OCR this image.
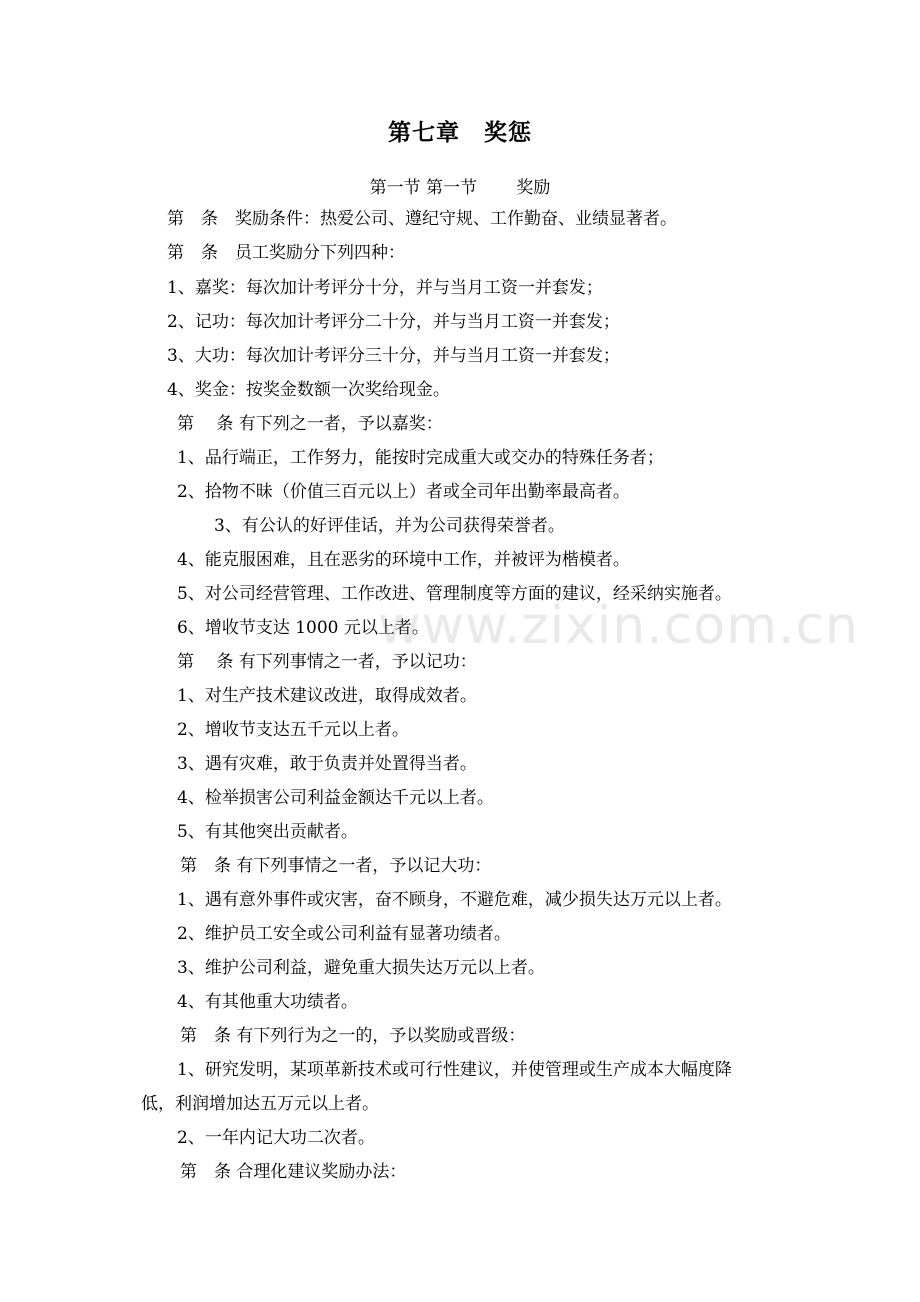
第七章　奖惩
第一节 第一节 　　奖励
第　条　奖励条件：热爱公司、遵纪守规、工作勤奋、业绩显著者。
第　条　员工奖励分下列四种：
1、嘉奖：每次加计考评分十分，并与当月工资一并套发；
2、记功：每次加计考评分二十分，并与当月工资一并套发；
3、大功：每次加计考评分三十分，并与当月工资一并套发；
4、奖金：按奖金数额一次奖给现金。
第　 条 有下列之一者，予以嘉奖：
1、品行端正，工作努力，能按时完成重大或交办的特殊任务者；
2、拾物不昧（价值三百元以上）者或全司年出勤率最高者。
3、有公认的好评佳话，并为公司获得荣誉者。
4、能克服困难，且在恶劣的环境中工作，并被评为楷模者。
5、对公司经营管理、工作改进、管理制度等方面的建议，经采纳实施者。
6、增收节支达 1000 元以上者。
第　 条 有下列事情之一者，予以记功：
1、对生产技术建议改进，取得成效者。
2、增收节支达五千元以上者。
3、遇有灾难，敢于负责并处置得当者。
4、检举损害公司利益金额达千元以上者。
5、有其他突出贡献者。
第　条 有下列事情之一者，予以记大功：
1、遇有意外事件或灾害，奋不顾身，不避危难，减少损失达万元以上者。
2、维护员工安全或公司利益有显著功绩者。
3、维护公司利益，避免重大损失达万元以上者。
4、有其他重大功绩者。
第　条 有下列行为之一的，予以奖励或晋级：
1、研究发明，某项革新技术或可行性建议，并使管理或生产成本大幅度降
低，利润增加达五万元以上者。
2、一年内记大功二次者。
第　条 合理化建议奖励办法：
www.zixin.com.cn
